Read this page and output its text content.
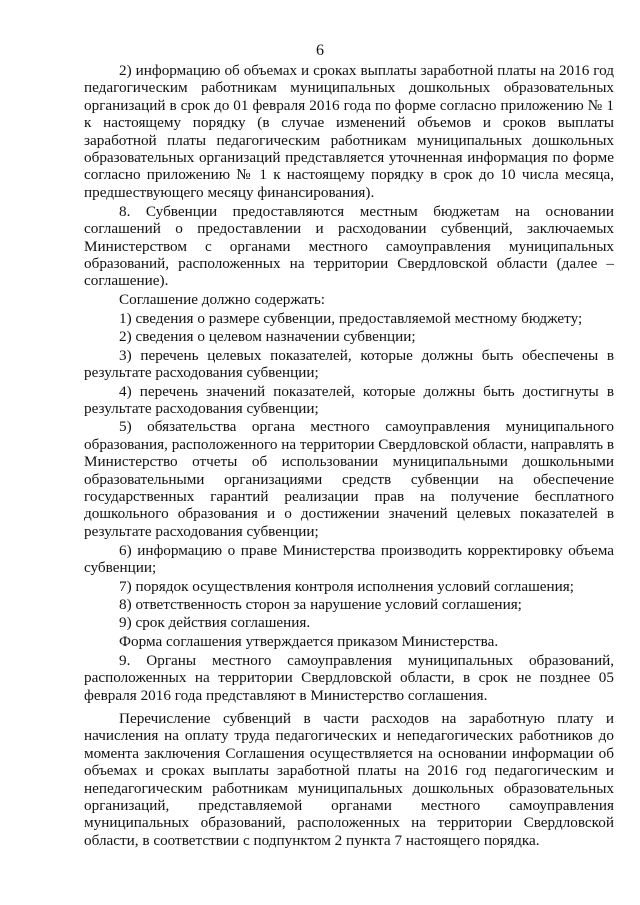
6

2) информацию об объемах и сроках выплаты заработной платы на 2016 год педагогическим работникам муниципальных дошкольных образовательных организаций в срок до 01 февраля 2016 года по форме согласно приложению № 1 к настоящему порядку (в случае изменений объемов и сроков выплаты заработной платы педагогическим работникам муниципальных дошкольных образовательных организаций представляется уточненная информация по форме согласно приложению № 1 к настоящему порядку в срок до 10 числа месяца, предшествующего месяцу финансирования).

8. Субвенции предоставляются местным бюджетам на основании соглашений о предоставлении и расходовании субвенций, заключаемых Министерством с органами местного самоуправления муниципальных образований, расположенных на территории Свердловской области (далее – соглашение).

Соглашение должно содержать:

1) сведения о размере субвенции, предоставляемой местному бюджету;

2) сведения о целевом назначении субвенции;

3) перечень целевых показателей, которые должны быть обеспечены в результате расходования субвенции;

4) перечень значений показателей, которые должны быть достигнуты в результате расходования субвенции;

5) обязательства органа местного самоуправления муниципального образования, расположенного на территории Свердловской области, направлять в Министерство отчеты об использовании муниципальными дошкольными образовательными организациями средств субвенции на обеспечение государственных гарантий реализации прав на получение бесплатного дошкольного образования и о достижении значений целевых показателей в результате расходования субвенции;

6) информацию о праве Министерства производить корректировку объема субвенции;

7) порядок осуществления контроля исполнения условий соглашения;

8) ответственность сторон за нарушение условий соглашения;

9) срок действия соглашения.

Форма соглашения утверждается приказом Министерства.

9. Органы местного самоуправления муниципальных образований, расположенных на территории Свердловской области, в срок не позднее 05 февраля 2016 года представляют в Министерство соглашения.

Перечисление субвенций в части расходов на заработную плату и начисления на оплату труда педагогических и непедагогических работников до момента заключения Соглашения осуществляется на основании информации об объемах и сроках выплаты заработной платы на 2016 год педагогическим и непедагогическим работникам муниципальных дошкольных образовательных организаций, представляемой органами местного самоуправления муниципальных образований, расположенных на территории Свердловской области, в соответствии с подпунктом 2 пункта 7 настоящего порядка.
